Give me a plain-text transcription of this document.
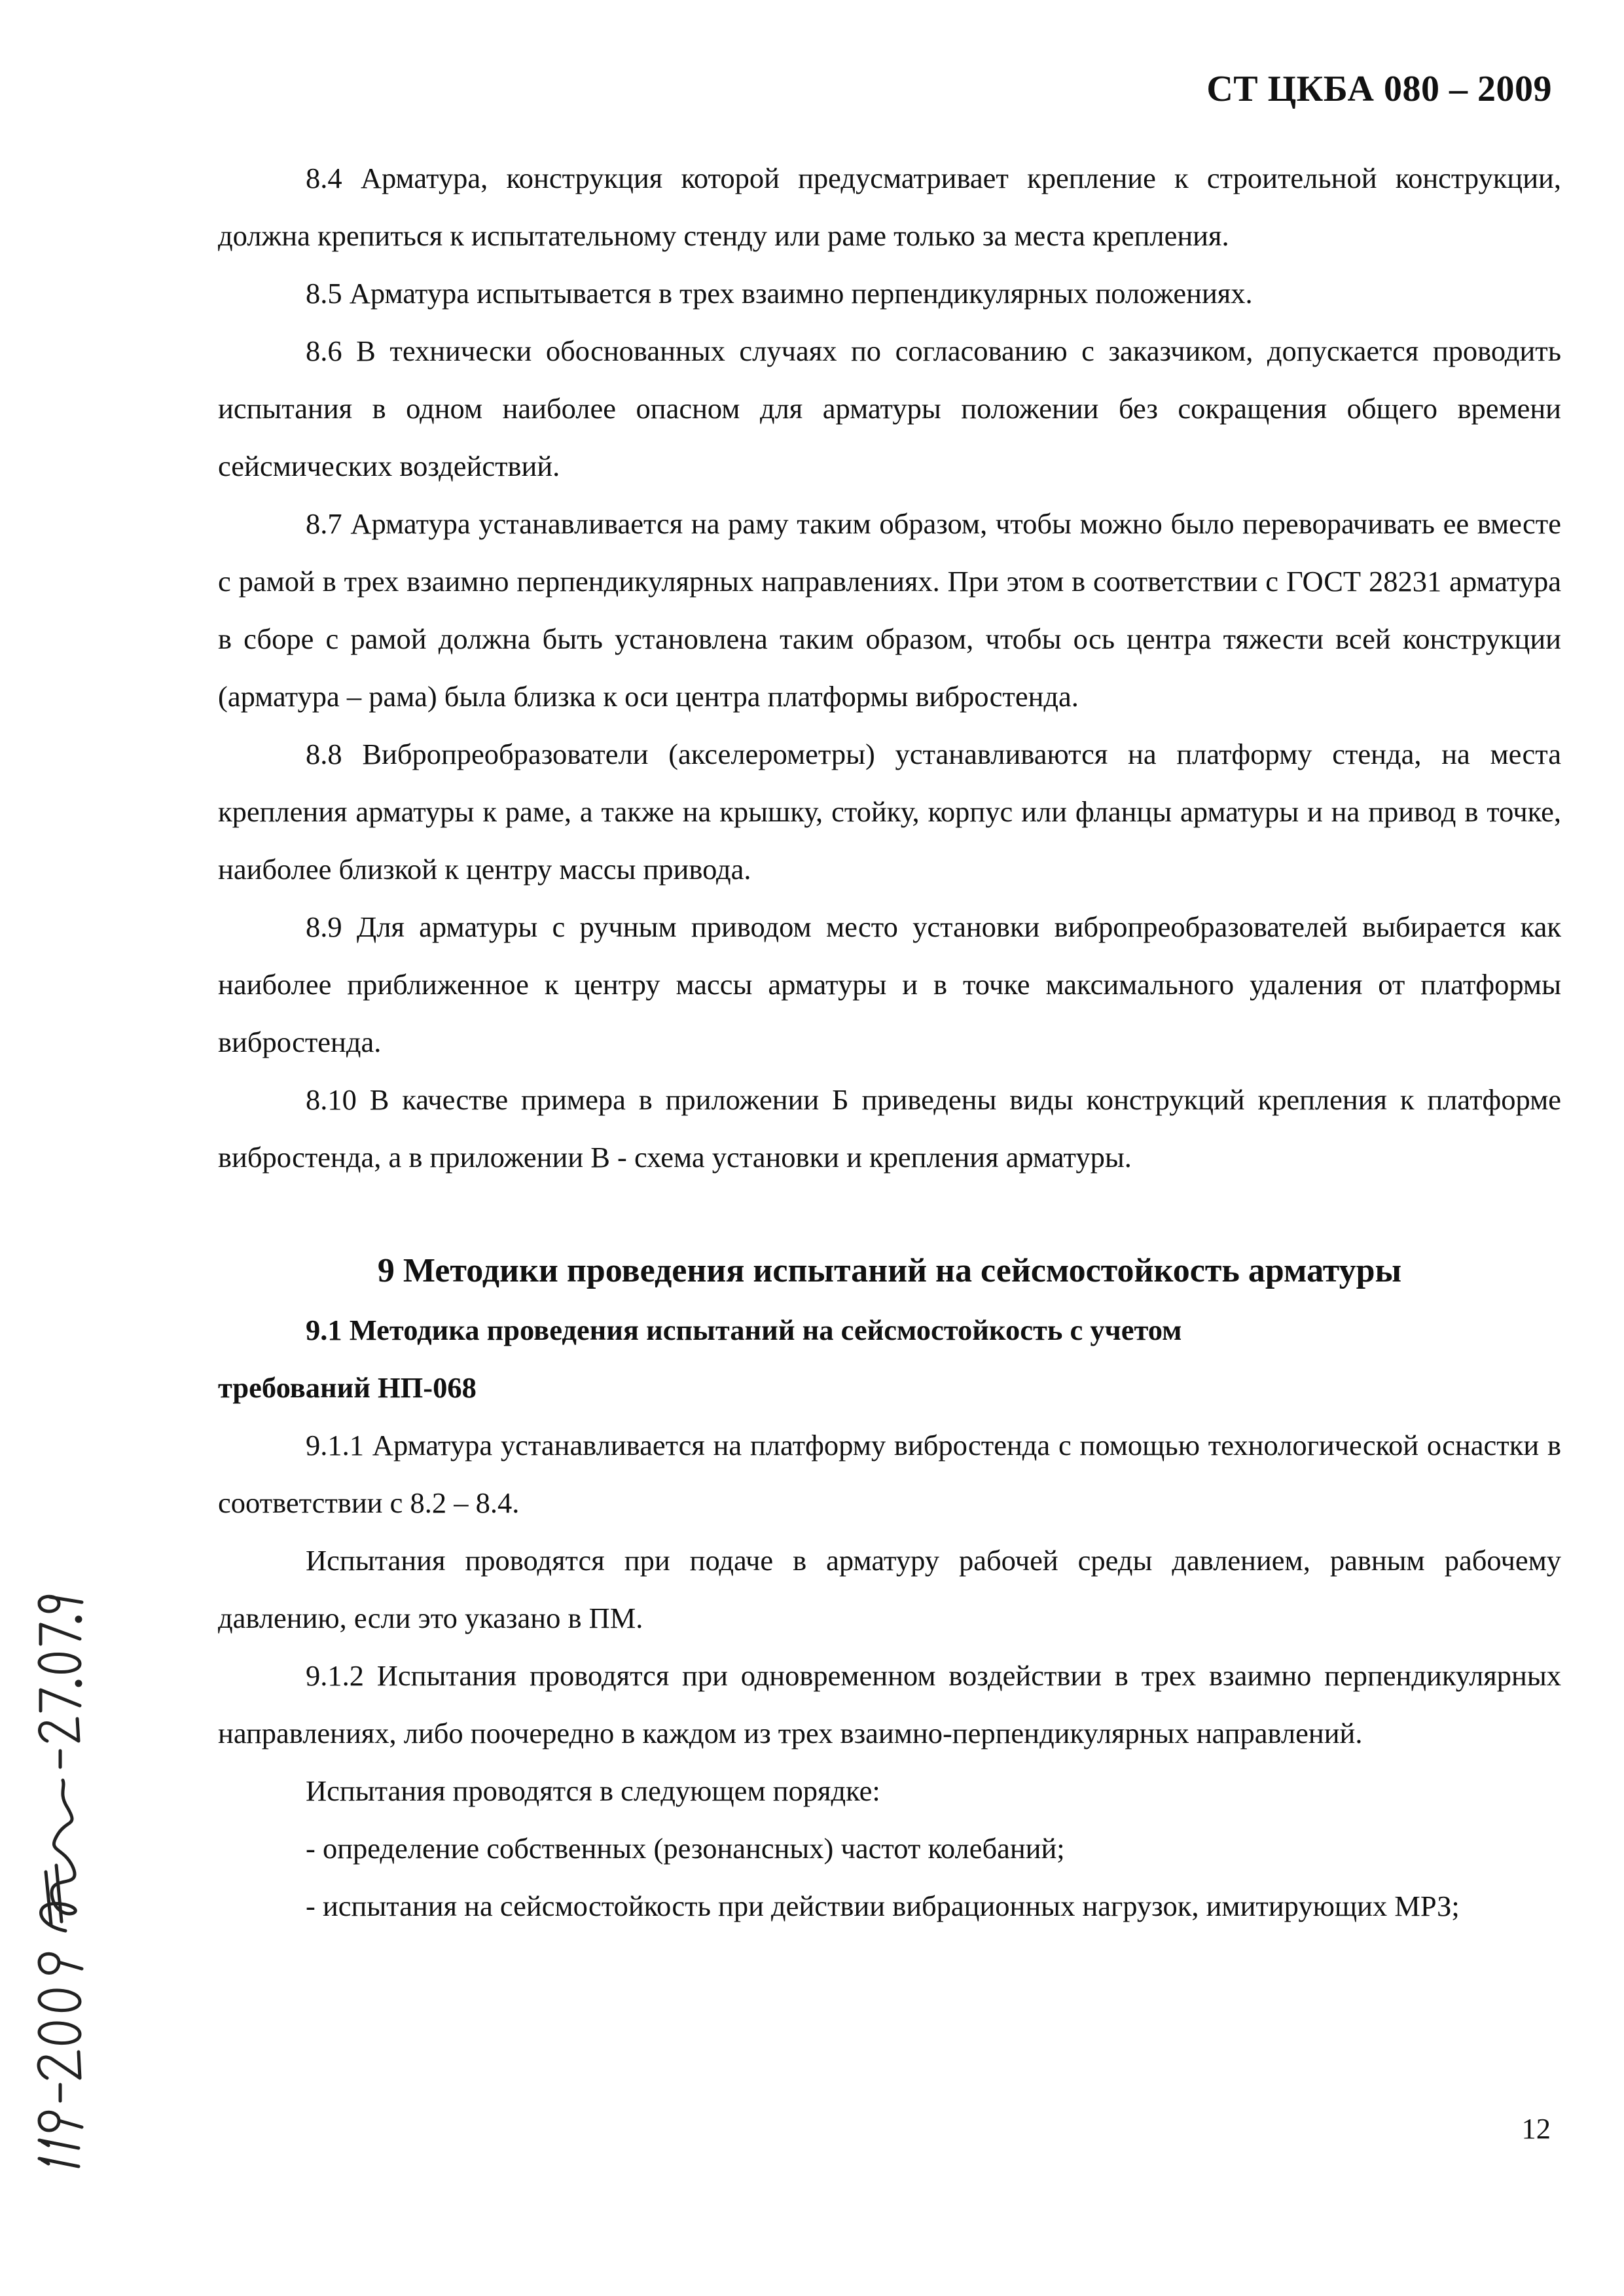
СТ ЦКБА 080 – 2009

8.4 Арматура, конструкция которой предусматривает крепление к строительной конструкции, должна крепиться к испытательному стенду или раме только за места крепления.

8.5 Арматура испытывается в трех взаимно перпендикулярных положениях.

8.6 В технически обоснованных случаях по согласованию с заказчиком, допускается проводить испытания в одном наиболее опасном для арматуры положении без сокращения общего времени сейсмических воздействий.

8.7 Арматура устанавливается на раму таким образом, чтобы можно было переворачивать ее вместе с рамой в трех взаимно перпендикулярных направлениях. При этом в соответствии с ГОСТ 28231 арматура в сборе с рамой должна быть установлена таким образом, чтобы ось центра тяжести всей конструкции (арматура – рама) была близка к оси центра платформы вибростенда.

8.8 Вибропреобразователи (акселерометры) устанавливаются на платформу стенда, на места крепления арматуры к раме, а также на крышку, стойку, корпус или фланцы арматуры и на привод в точке, наиболее близкой к центру массы привода.

8.9 Для арматуры с ручным приводом место установки вибропреобразователей выбирается как наиболее приближенное к центру массы арматуры и в точке максимального удаления от платформы вибростенда.

8.10 В качестве примера в приложении Б приведены виды конструкций крепления к платформе вибростенда, а в приложении В - схема установки и крепления арматуры.

9 Методики проведения испытаний на сейсмостойкость арматуры
9.1 Методика проведения испытаний на сейсмостойкость с учетом
требований НП-068

9.1.1 Арматура устанавливается на платформу вибростенда с помощью технологической оснастки в соответствии с 8.2 – 8.4.

Испытания проводятся при подаче в арматуру рабочей среды давлением, равным рабочему давлению, если это указано в ПМ.

9.1.2 Испытания проводятся при одновременном воздействии в трех взаимно перпендикулярных направлениях, либо поочередно в каждом из трех взаимно-перпендикулярных направлений.

Испытания проводятся в следующем порядке:

- определение собственных (резонансных) частот колебаний;

- испытания на сейсмостойкость при действии вибрационных нагрузок, имитирующих МРЗ;

12
